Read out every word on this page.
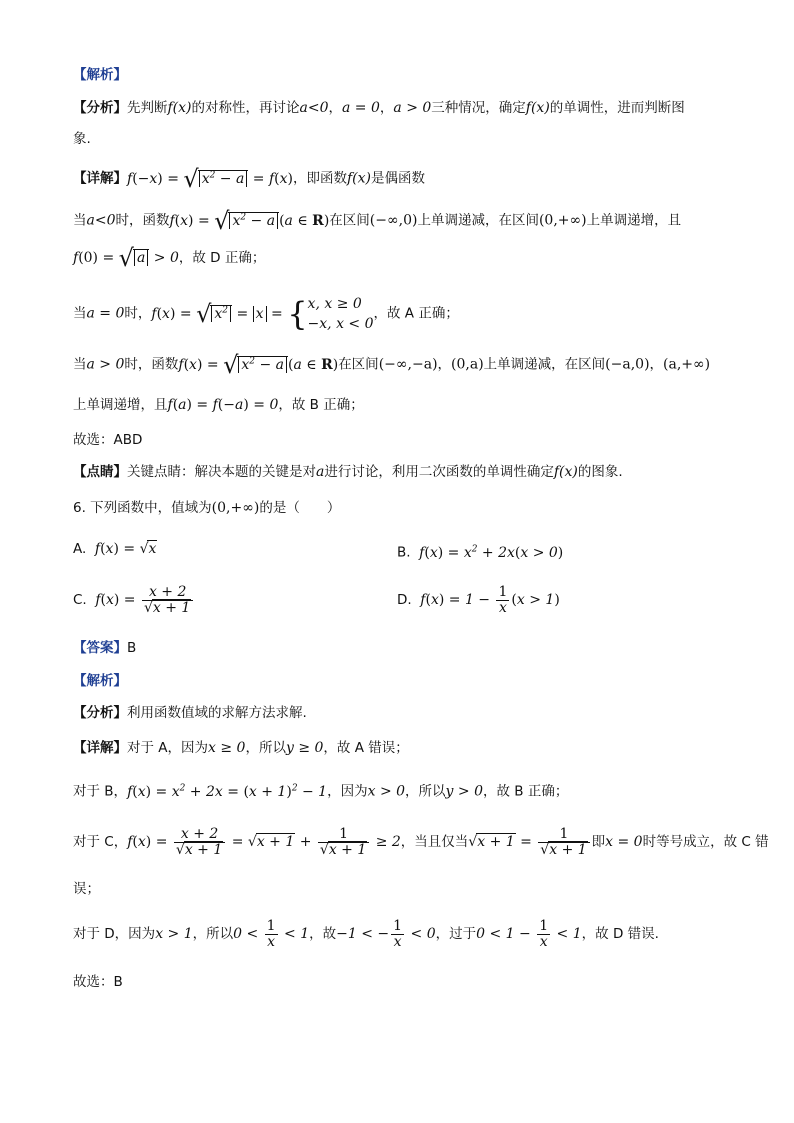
【解析】
【分析】先判断f(x)的对称性，再讨论a<0，a = 0，a > 0三种情况，确定f(x)的单调性，进而判断图
象.
【详解】f(−x) = √ $x^2 - a = f(x)$，即函数f(x)是偶函数
当a<0时，函数f(x) = √ $x^2 - a$ (a ∈ R)在区间(−∞,0)上单调递减，在区间(0,+∞)上单调递增，且
f(0) = √ a > 0，故 D 正确；
当a = 0时，f(x) = √ $x^2 = x$ = { x, x ≥ 0
−x, x < 0
，故 A 正确；
当a > 0时，函数f(x) = √ $x^2 - a$ (a ∈ R)在区间(−∞,−a)，(0,a)上单调递减，在区间(−a,0)，(a,+∞)
上单调递增，且f(a) = f(−a) = 0，故 B 正确；
故选：ABD
【点睛】关键点睛：解决本题的关键是对a进行讨论，利用二次函数的单调性确定f(x)的图象.
6. 下列函数中，值域为(0,+∞)的是（　　）
A. f(x) = √x	B. $f(x) = x^2 + 2x(x > 0)$
C. $f(x) = \frac{x + 2}{√x + 1}$	D. $f(x) = 1 - \frac{1}{x} (x > 1)$
【答案】B
【解析】
【分析】利用函数值域的求解方法求解.
【详解】对于 A，因为x ≥ 0，所以y ≥ 0，故 A 错误；
对于 B，$f(x) = x^2 + 2x = (x + 1)^2 - 1$，因为x > 0，所以y > 0，故 B 正确；
对于 C，$f(x) = \frac{x + 2}{√x + 1} = √x + 1 + \frac{1}{√x + 1} \ge 2$，当且仅当$√x + 1 = \frac{1}{√x + 1}$ 即x = 0时等号成立，故 C 错
误；
对于 D，因为x > 1，所以$0 < \frac{1}{x} < 1$，故−1 < − $\frac{1}{x} < 0$，过于$0 < 1 - \frac{1}{x} < 1$，故 D 错误.
故选：B
